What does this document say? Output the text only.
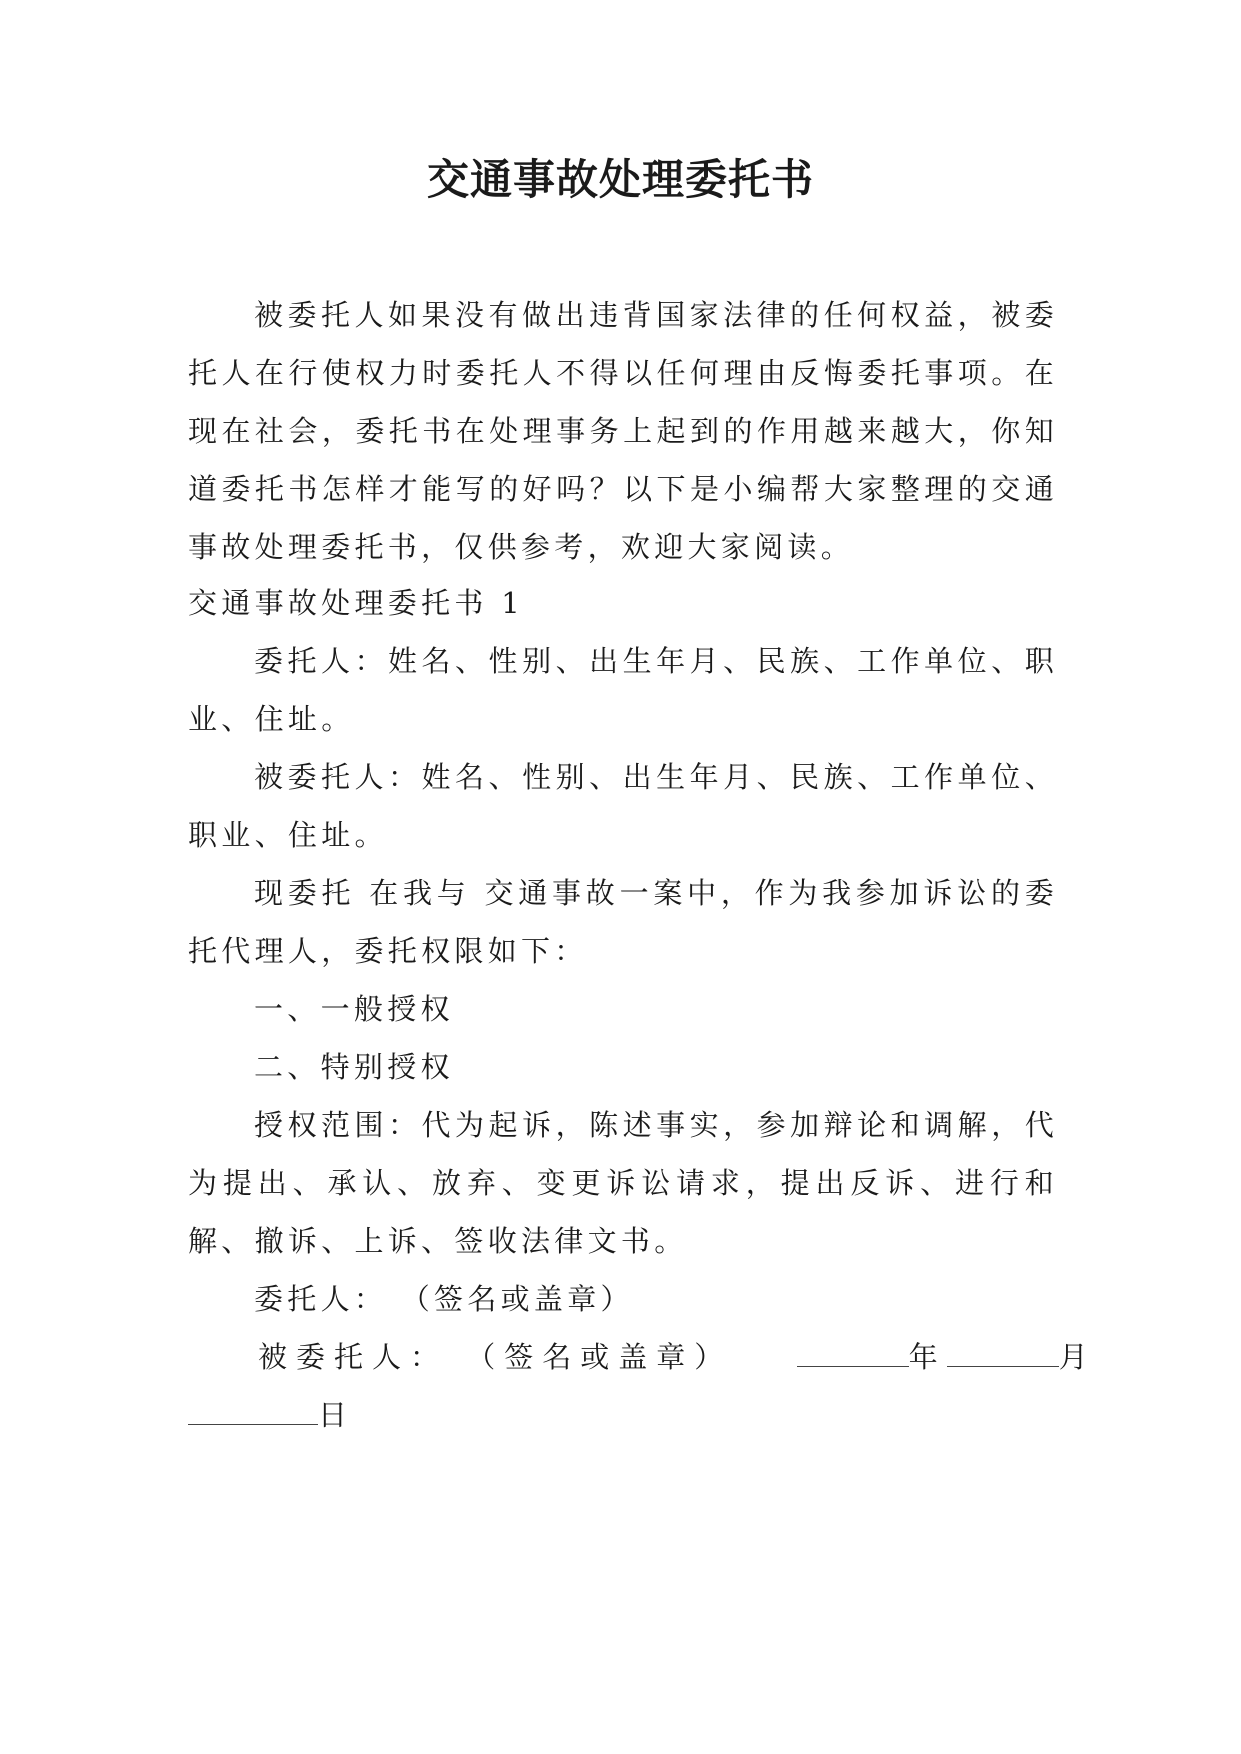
交通事故处理委托书

被委托人如果没有做出违背国家法律的任何权益，被委托人在行使权力时委托人不得以任何理由反悔委托事项。在现在社会，委托书在处理事务上起到的作用越来越大，你知道委托书怎样才能写的好吗？以下是小编帮大家整理的交通事故处理委托书，仅供参考，欢迎大家阅读。

交通事故处理委托书 1

委托人：姓名、性别、出生年月、民族、工作单位、职业、住址。

被委托人：姓名、性别、出生年月、民族、工作单位、职业、住址。

现委托 在我与 交通事故一案中，作为我参加诉讼的委托代理人，委托权限如下：

一、一般授权

二、特别授权

授权范围：代为起诉，陈述事实，参加辩论和调解，代为提出、承认、放弃、变更诉讼请求，提出反诉、进行和解、撤诉、上诉、签收法律文书。

委托人： （签名或盖章）

被委托人： （签名或盖章）	年	月

日
